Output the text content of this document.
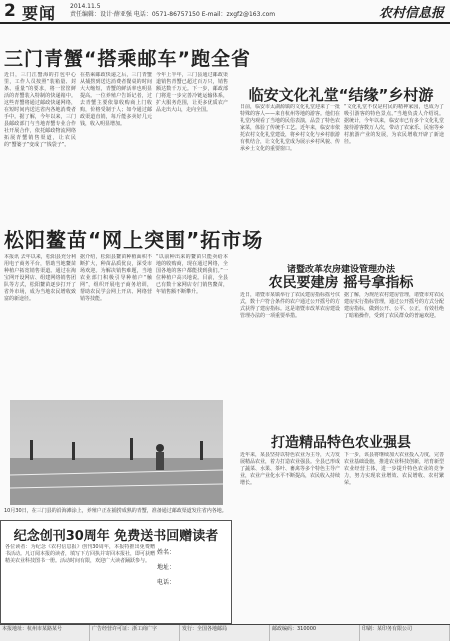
2 要闻 2014.11.5
责任编辑：设计·薛亚强 电话：0571-86757150 E-mail：zxgf2@163.com	农村信息报
三门青蟹“搭乘邮车”跑全省
近日，三门江蟹海的打包中心里，工作人员按照“装箱量、封条、重量”的要求，将一筐筐鲜活的青蟹装入特制的快递箱中。这些青蟹将通过邮政快递网络，在短时间内送达省内各地消费者手中。据了解，今年以来，三门县邮政部门与当地青蟹专业合作社开展合作，依托邮政物流网络拓展青蟹销售渠道，让农民的“蟹篓子”变成了“钱袋子”。
在搭乘邮政快递之后，三门青蟹从捕捞到送达消费者餐桌的时间大大缩短，青蟹的鲜活率也明显提高。一位养殖户告诉记者，过去青蟹主要依靠收购商上门收购，价格受制于人；如今通过邮政渠道直销，每斤能多卖好几元钱，收入明显增加。
今年上半年，三门县通过邮政渠道销售青蟹已超过百万只，销售额达数千万元。下一步，邮政部门将进一步完善冷链运输体系，扩大服务范围，让更多优质农产品走出大山，走向全国。
松阳鳌苗“网上突围”拓市场
本报讯 去年以来，松阳县充分利用电子商务平台，帮助当地鳌苗种植户拓宽销售渠道。通过在淘宝网开设网店、组建网络销售团队等方式，松阳鳌苗逐步打开了省外市场，成为当地农民增收致富的新途径。
据介绍，松阳县鳌苗种植面积不断扩大，种苗品质优良，深受市场欢迎。为解决销售难题，当地农业部门积极引导种植户“触网”，组织开展电子商务培训，帮助农民学会网上开店、网络营销等技能。
“以前种出来的鳌苗只能卖给本地的收购商，现在通过网络，全国各地的客户都能找到我们。”一位种植户高兴地说。目前，全县已有数十家网店专门销售鳌苗，年销售额不断攀升。
10月30日，在三门县的沿海滩涂上，养殖户正在捕捞成熟的青蟹，准备通过邮政渠道发往省内各地。
临安文化礼堂“结缘”乡村游
日前，临安市太湖源镇的文化礼堂迎来了一批特殊的客人——来自杭州等地的游客。他们在礼堂内观看了当地的民俗表演，品尝了特色农家菜，体验了传统手工艺。近年来，临安市依托农村文化礼堂建设，将乡村文化与乡村旅游有机结合，让文化礼堂成为展示乡村风貌、传承乡土文化的重要窗口。
“文化礼堂不仅是村民的精神家园，也成为了吸引游客的特色景点。”当地负责人介绍说。据统计，今年以来，临安市已有多个文化礼堂接待游客数万人次，带动了农家乐、民宿等乡村旅游产业的发展，为农民增收开辟了新途径。
诸暨改革农房建设管理办法
农民要建房 摇号拿指标
近日，诸暨市某镇举行了农民建房指标摇号仪式，数十户符合条件的农户通过公开摇号的方式获得了建房指标。这是诸暨市改革农房建设管理办法的一项重要举措。
据了解，为规范农村建房管理，诸暨市对农民建房实行指标管理，通过公开摇号的方式分配建房指标，做到公开、公平、公正，有效杜绝了暗箱操作，受到了农民群众的普遍欢迎。
打造精品特色农业强县
近年来，某县坚持以特色农业为主导，大力发展精品农业，着力打造农业强县。全县已形成了蔬菜、水果、茶叶、畜禽等多个特色主导产业，农业产业化水平不断提高，农民收入持续增长。
下一步，该县将继续加大农业投入力度，完善农业基础设施，推进农业科技创新，培育新型农业经营主体，进一步提升特色农业的竞争力，努力实现农业增效、农民增收、农村繁荣。
纪念创刊30周年 免费送书回赠读者
各位读者：为纪念《农村信息报》创刊30周年，本报特推出免费赠书活动。凡订阅本报的读者，填写下方回执并寄回本报社，即可获赠精美农业科技图书一册。活动时间有限，欢迎广大读者踊跃参与。
姓名：
地址：
电话：
本报地址：杭州市某路某号	广告经营许可证：浙工商广字	发行：全国各地邮局	邮政编码：310000	印刷：某印务有限公司
